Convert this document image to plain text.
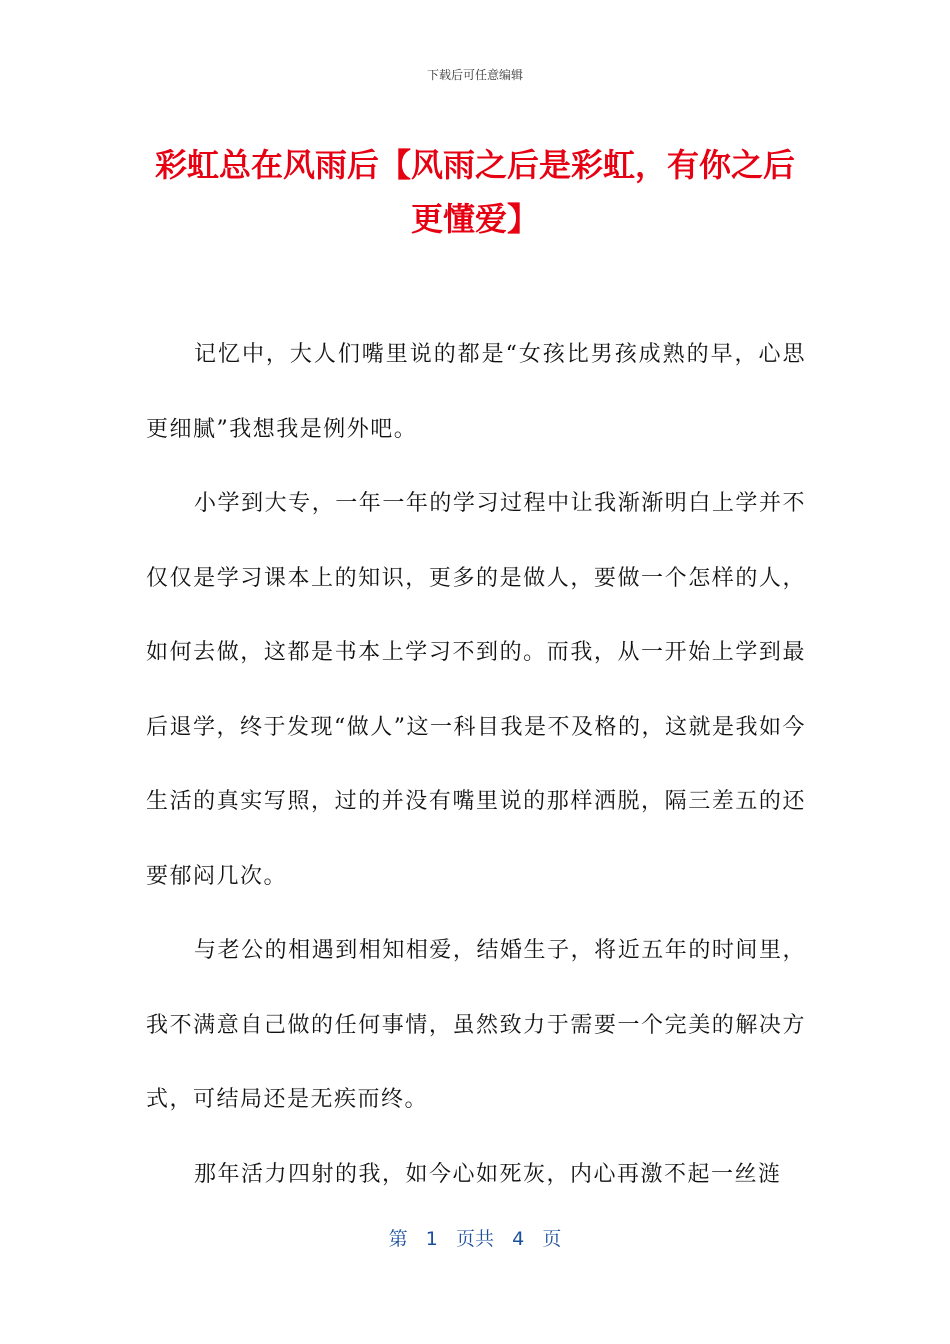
下载后可任意编辑
彩虹总在风雨后【风雨之后是彩虹，有你之后更懂爱】

记忆中，大人们嘴里说的都是“女孩比男孩成熟的早，心思更细腻”我想我是例外吧。

小学到大专，一年一年的学习过程中让我渐渐明白上学并不仅仅是学习课本上的知识，更多的是做人，要做一个怎样的人，如何去做，这都是书本上学习不到的。而我，从一开始上学到最后退学，终于发现“做人”这一科目我是不及格的，这就是我如今生活的真实写照，过的并没有嘴里说的那样洒脱，隔三差五的还要郁闷几次。

与老公的相遇到相知相爱，结婚生子，将近五年的时间里，我不满意自己做的任何事情，虽然致力于需要一个完美的解决方式，可结局还是无疾而终。

那年活力四射的我，如今心如死灰，内心再激不起一丝涟

第 1 页共 4 页
